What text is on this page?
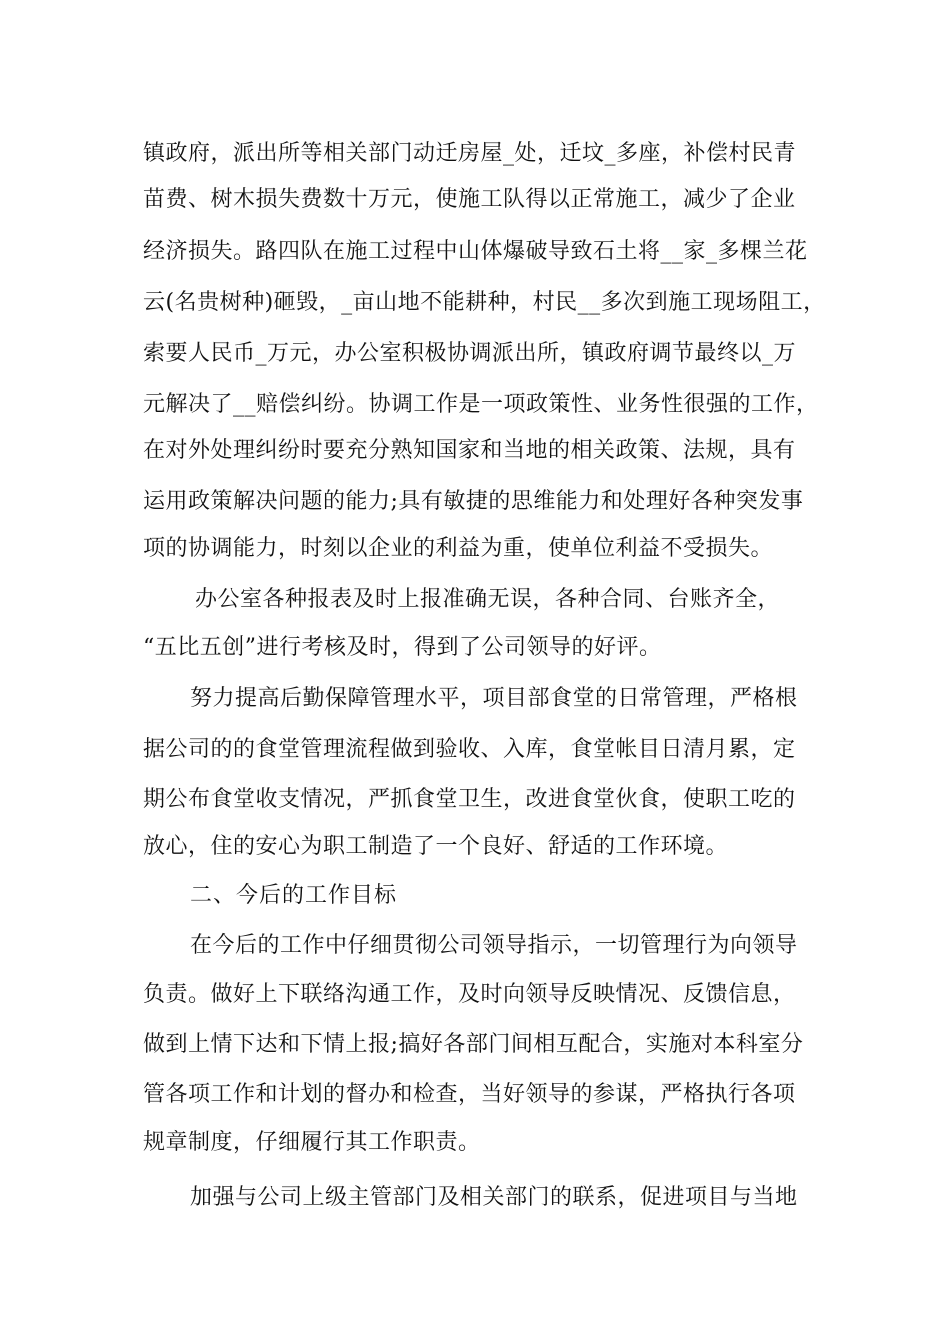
镇政府，派出所等相关部门动迁房屋_处，迁坟_多座，补偿村民青
苗费、树木损失费数十万元，使施工队得以正常施工，减少了企业
经济损失。路四队在施工过程中山体爆破导致石土将__家_多棵兰花
云(名贵树种)砸毁，_亩山地不能耕种，村民__多次到施工现场阻工，
索要人民币_万元，办公室积极协调派出所，镇政府调节最终以_万
元解决了__赔偿纠纷。协调工作是一项政策性、业务性很强的工作，
在对外处理纠纷时要充分熟知国家和当地的相关政策、法规，具有
运用政策解决问题的能力;具有敏捷的思维能力和处理好各种突发事
项的协调能力，时刻以企业的利益为重，使单位利益不受损失。
办公室各种报表及时上报准确无误，各种合同、台账齐全，
“五比五创”进行考核及时，得到了公司领导的好评。
努力提高后勤保障管理水平，项目部食堂的日常管理，严格根
据公司的的食堂管理流程做到验收、入库，食堂帐目日清月累，定
期公布食堂收支情况，严抓食堂卫生，改进食堂伙食，使职工吃的
放心，住的安心为职工制造了一个良好、舒适的工作环境。
二、今后的工作目标
在今后的工作中仔细贯彻公司领导指示，一切管理行为向领导
负责。做好上下联络沟通工作，及时向领导反映情况、反馈信息，
做到上情下达和下情上报;搞好各部门间相互配合，实施对本科室分
管各项工作和计划的督办和检查，当好领导的参谋，严格执行各项
规章制度，仔细履行其工作职责。
加强与公司上级主管部门及相关部门的联系，促进项目与当地
